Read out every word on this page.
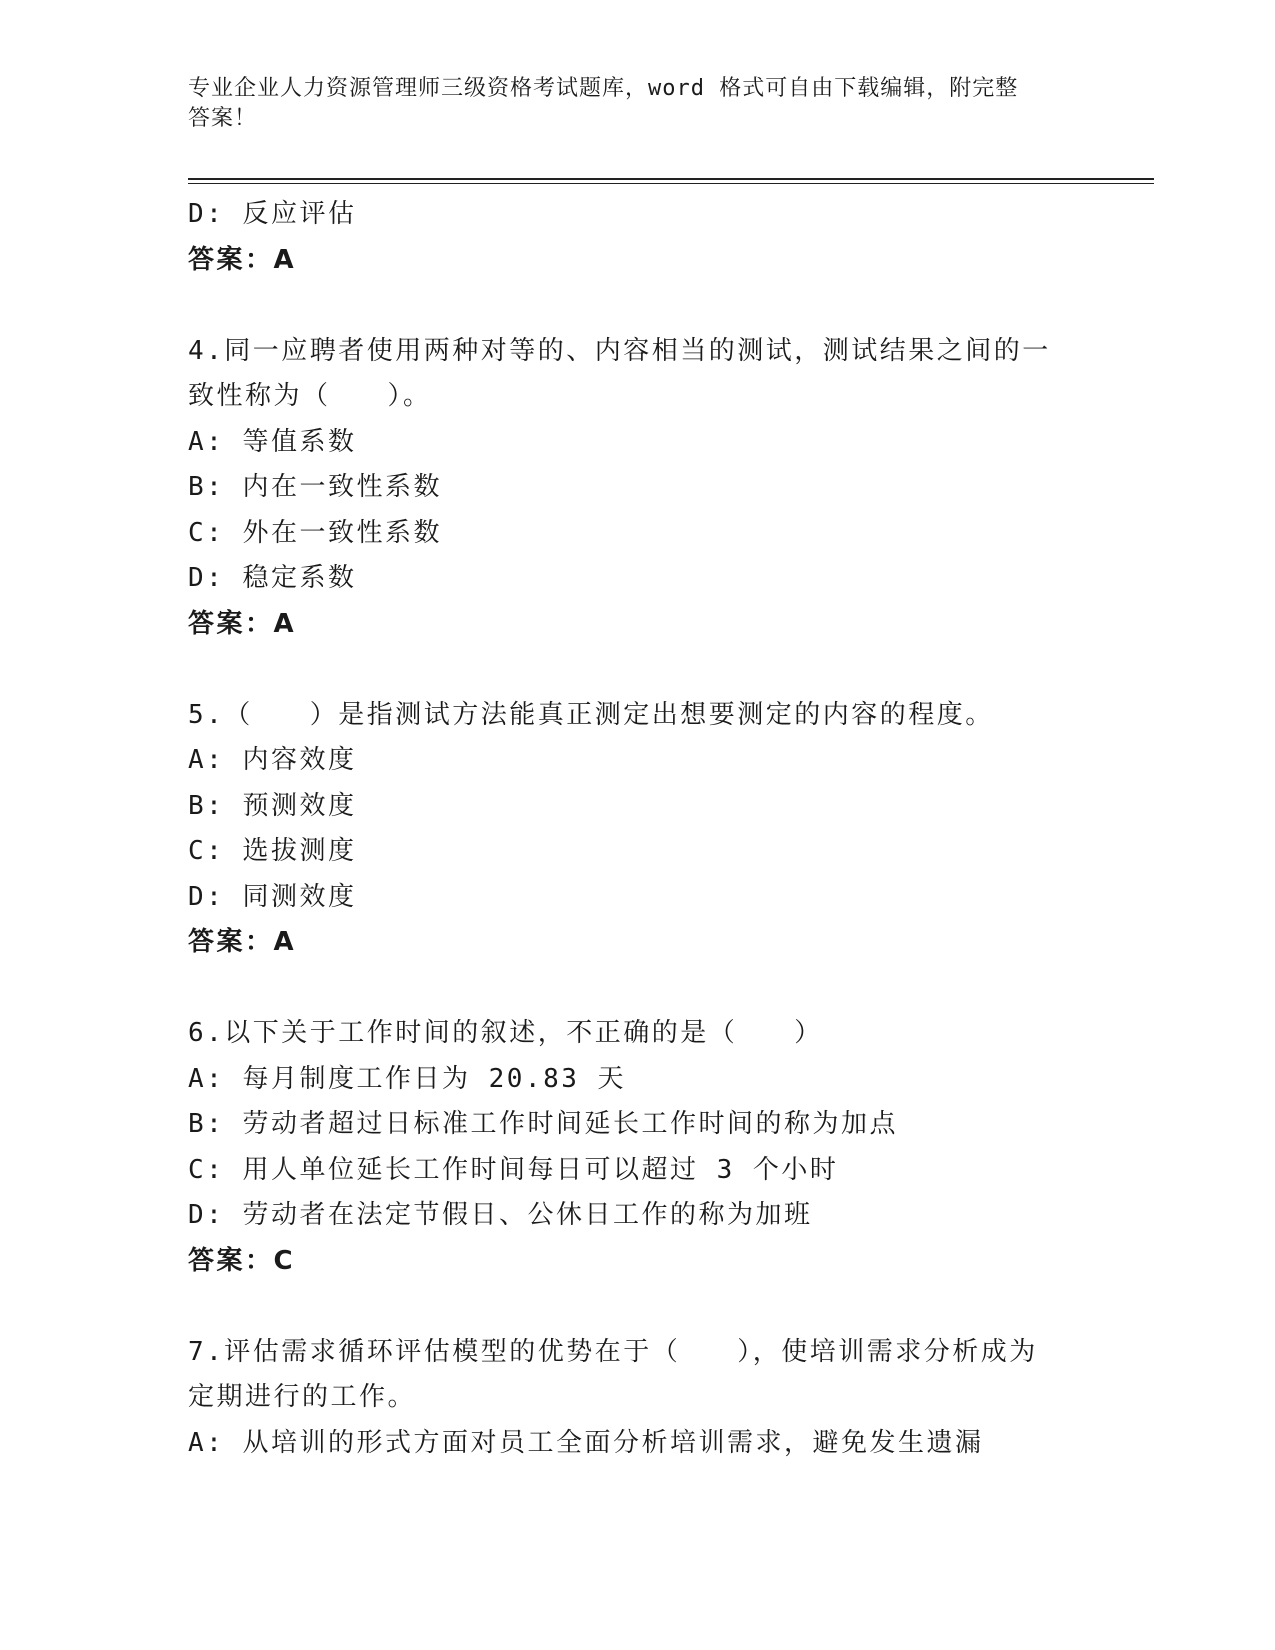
专业企业人力资源管理师三级资格考试题库，word 格式可自由下载编辑，附完整
答案！
D: 反应评估
答案：A
4.同一应聘者使用两种对等的、内容相当的测试，测试结果之间的一
致性称为（　　）。
A: 等值系数
B: 内在一致性系数
C: 外在一致性系数
D: 稳定系数
答案：A
5.（　　）是指测试方法能真正测定出想要测定的内容的程度。
A: 内容效度
B: 预测效度
C: 选拔测度
D: 同测效度
答案：A
6.以下关于工作时间的叙述，不正确的是（　　）
A: 每月制度工作日为 20.83 天
B: 劳动者超过日标准工作时间延长工作时间的称为加点
C: 用人单位延长工作时间每日可以超过 3 个小时
D: 劳动者在法定节假日、公休日工作的称为加班
答案：C
7.评估需求循环评估模型的优势在于（　　），使培训需求分析成为
定期进行的工作。
A: 从培训的形式方面对员工全面分析培训需求，避免发生遗漏
